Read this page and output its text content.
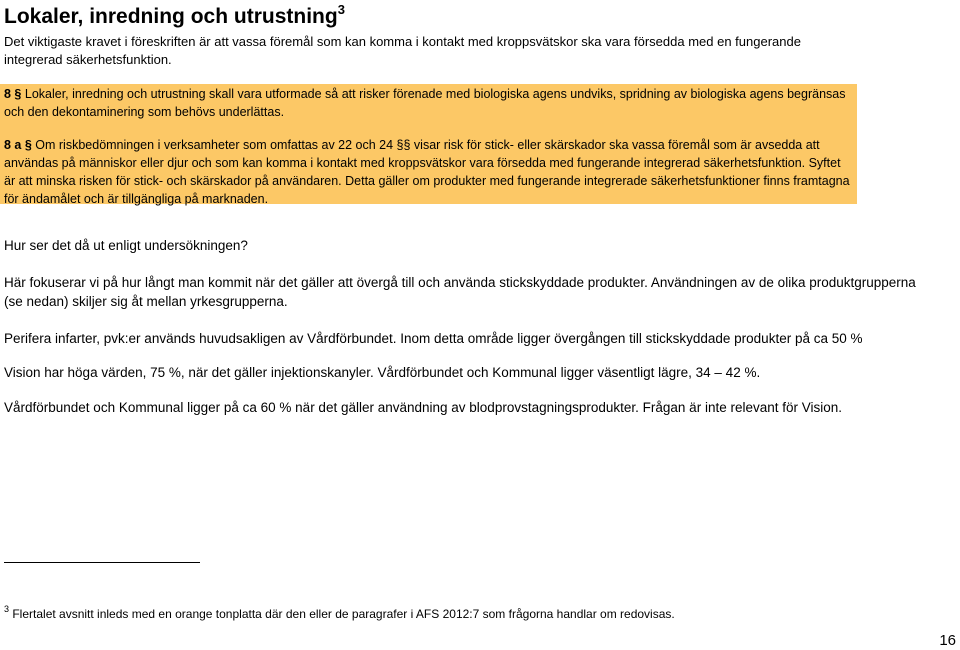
Lokaler, inredning och utrustning$^3$
Det viktigaste kravet i föreskriften är att vassa föremål som kan komma i kontakt med kroppsvätskor ska vara försedda med en fungerande integrerad säkerhetsfunktion.
8 § Lokaler, inredning och utrustning skall vara utformade så att risker förenade med biologiska agens undviks, spridning av biologiska agens begränsas och den dekontaminering som behövs underlättas.
8 a § Om riskbedömningen i verksamheter som omfattas av 22 och 24 §§ visar risk för stick- eller skärskador ska vassa föremål som är avsedda att användas på människor eller djur och som kan komma i kontakt med kroppsvätskor vara försedda med fungerande integrerad säkerhetsfunktion. Syftet är att minska risken för stick- och skärskador på användaren. Detta gäller om produkter med fungerande integrerade säkerhetsfunktioner finns framtagna för ändamålet och är tillgängliga på marknaden.
Hur ser det då ut enligt undersökningen?
Här fokuserar vi på hur långt man kommit när det gäller att övergå till och använda stickskyddade produkter. Användningen av de olika produktgrupperna
(se nedan) skiljer sig åt mellan yrkesgrupperna.
Perifera infarter, pvk:er används huvudsakligen av Vårdförbundet. Inom detta område ligger övergången till stickskyddade produkter på ca 50 %
Vision har höga värden, 75 %, när det gäller injektionskanyler. Vårdförbundet och Kommunal ligger väsentligt lägre, 34 – 42 %.
Vårdförbundet och Kommunal ligger på ca 60 % när det gäller användning av blodprovstagningsprodukter. Frågan är inte relevant för Vision.
$^3$ Flertalet avsnitt inleds med en orange tonplatta där den eller de paragrafer i AFS 2012:7 som frågorna handlar om redovisas.
16
